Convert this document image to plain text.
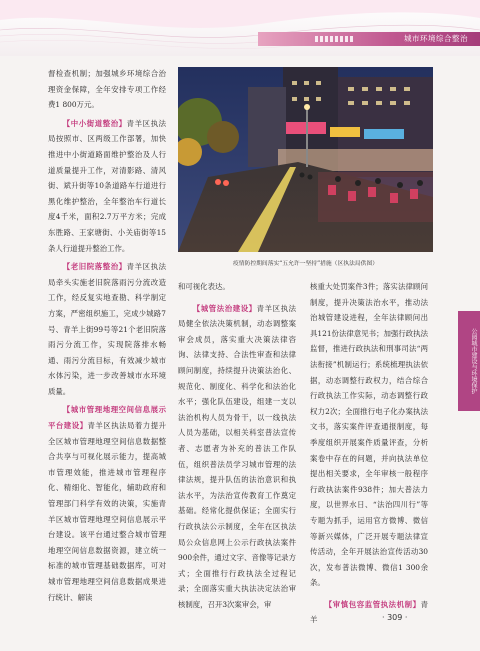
城市环境综合整治
公园城市建设与环境保护

督检查机制；加强城乡环境综合治理资金保障，全年安排专项工作经费1 800万元。

【中小街道整治】青羊区执法局按照市、区两级工作部署，加快推进中小街道路面维护整治及人行道质量提升工作，对清影路、清风街、斌升街等10条道路车行道进行黑化维护整治，全年整治车行道长度4千米，面积2.7万平方米；完成东胜路、王家塘街、小关庙街等15条人行道提升整治工作。

【老旧院落整治】青羊区执法局牵头实施老旧院落雨污分流改造工作，经反复实地查勘、科学制定方案，严密组织施工，完成少城路7号、青羊上街99号等21个老旧院落雨污分流工作，实现院落排水畅通、雨污分流目标，有效减少城市水体污染，进一步改善城市水环境质量。

【城市管理地理空间信息展示平台建设】青羊区执法局着力提升全区城市管理地理空间信息数据整合共享与可视化展示能力，提高城市管理效能，推进城市管理程序化、精细化、智能化，辅助政府和管理部门科学有效的决策，实施青羊区城市管理地理空间信息展示平台建设。该平台通过整合城市管理地理空间信息数据资源，建立统一标准的城市管理基础数据库，可对城市管理地理空间信息数据成果进行统计、解读

疫情防控期间落实“五允许一坚持”措施（区执法局供图）

和可视化表达。

【城管法治建设】青羊区执法局健全依法决策机制，动态调整案审会成员，落实重大决策法律咨询、法律支持、合法性审查和法律顾问制度，持续提升决策法治化、规范化、制度化、科学化和法治化水平；强化队伍建设，组建一支以法治机构人员为骨干，以一线执法人员为基础，以相关科室普法宣传者、志愿者为补充的普法工作队伍，组织普法员学习城市管理的法律法规，提升队伍的法治意识和执法水平，为法治宣传教育工作奠定基础。经常化提供保证；全面实行行政执法公示制度，全年在区执法局公众信息网上公示行政执法案件900余件，通过文字、音像等记录方式；全面推行行政执法全过程记录；全面落实重大执法决定法治审核制度，召开3次案审会，审

核重大处罚案件3件；落实法律顾问制度，提升决策法治水平，推动法治城管建设进程，全年法律顾问出具121份法律意见书；加强行政执法监督，推进行政执法和刑事司法“两法衔接”机制运行；系统梳理执法依据，动态调整行政权力，结合综合行政执法工作实际，动态调整行政权力2次；全面推行电子化办案执法文书，落实案件评查通报制度，每季度组织开展案件质量评查，分析案卷中存在的问题，并向执法单位提出相关要求，全年审核一般程序行政执法案件938件；加大普法力度，以世界水日、“法治四川行”等专题为抓手，运用官方微博、微信等新兴媒体，广泛开展专题法律宣传活动，全年开展法治宣传活动30次，发布普法微博、微信1 300余条。

【审慎包容监管执法机制】青羊	· 309 ·
